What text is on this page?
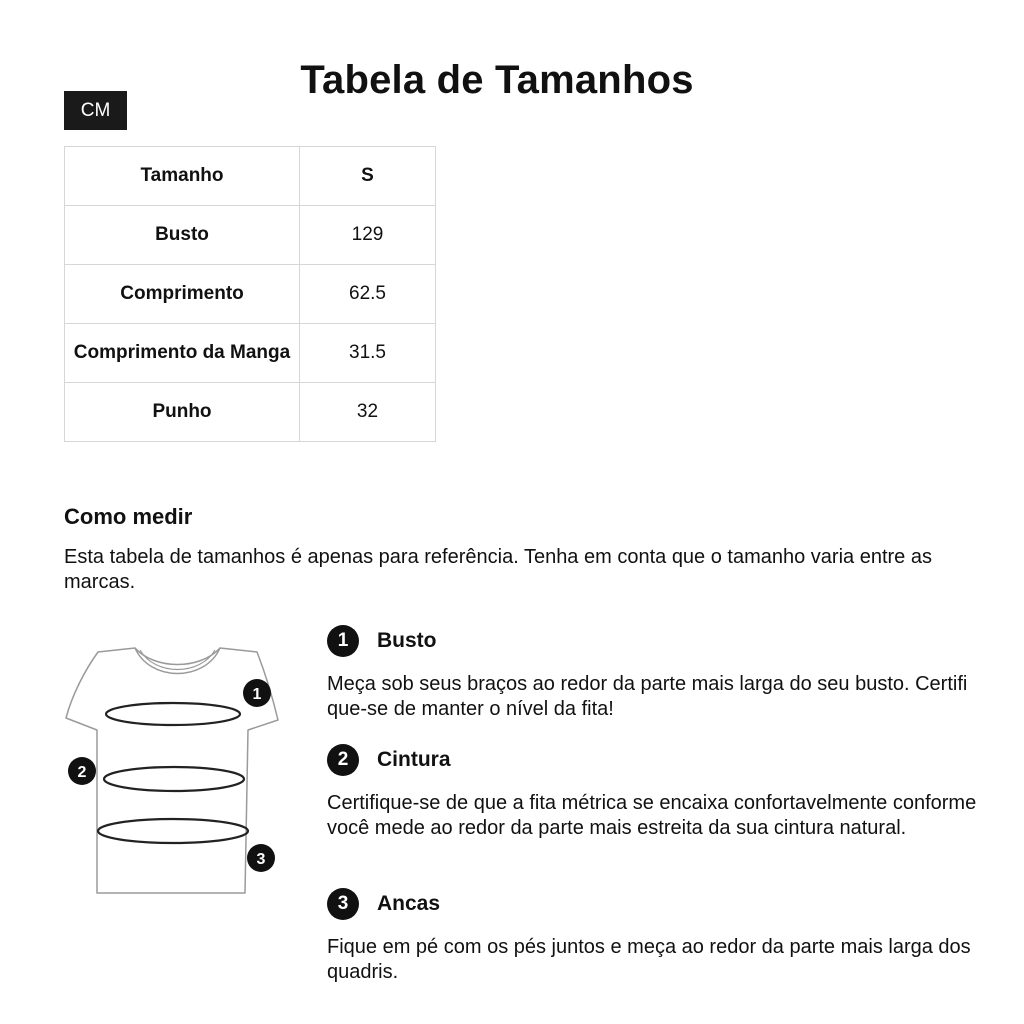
Tabela de Tamanhos
CM
Tamanho	S
Busto	129
Comprimento	62.5
Comprimento da Manga	31.5
Punho	32
Como medir
Esta tabela de tamanhos é apenas para referência. Tenha em conta que o tamanho varia entre as marcas.
1
2
3
1	Busto
Meça sob seus braços ao redor da parte mais larga do seu busto. Certifique-se de manter o nível da fita!
2	Cintura
Certifique-se de que a fita métrica se encaixa confortavelmente conforme você mede ao redor da parte mais estreita da sua cintura natural.
3	Ancas
Fique em pé com os pés juntos e meça ao redor da parte mais larga dos quadris.
